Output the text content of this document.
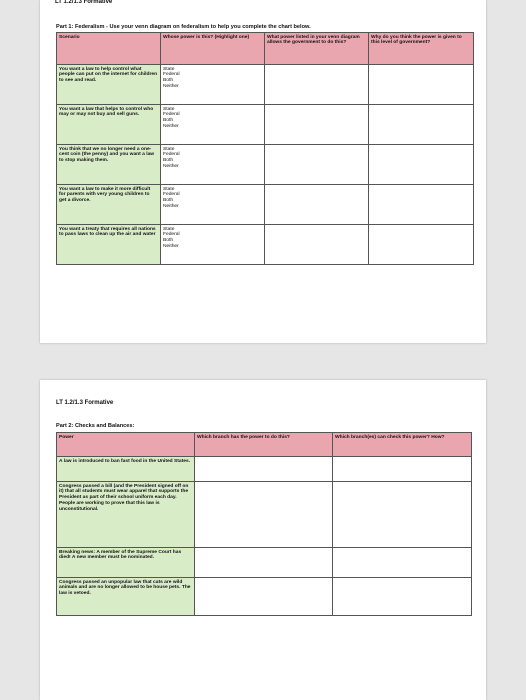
LT 1.2/1.3 Formative
Part 1: Federalism - Use your venn diagram on federalism to help you complete the chart below.
Scenario	Whose power is this? (Highlight one)	What power listed in your venn diagram allows the government to do this?	Why do you think the power is given to this level of government?
You want a law to help control what people can put on the internet for children to see and read.	State
Federal
Both
Neither		

You want a law that helps to control who may or may not buy and sell guns.	State
Federal
Both
Neither		

You think that we no longer need a one-cent coin (the penny) and you want a law to stop making them.	State
Federal
Both
Neither		

You want a law to make it more difficult for parents with very young children to get a divorce.	State
Federal
Both
Neither		

You want a treaty that requires all nations to pass laws to clean up the air and water	State
Federal
Both
Neither		

LT 1.2/1.3 Formative
Part 2: Checks and Balances:
Power	Which branch has the power to do this?	Which branch(es) can check this power? How?
A law is introduced to ban fast food in the United States.		
Congress passed a bill (and the President signed off on it) that all students must wear apparel that supports the President as part of their school uniform each day. People are working to prove that this law is unconstitutional.		
Breaking news: A member of the Supreme Court has died! A new member must be nominated.		
Congress passed an unpopular law that cats are wild animals and are no longer allowed to be house pets. The law is vetoed.		
